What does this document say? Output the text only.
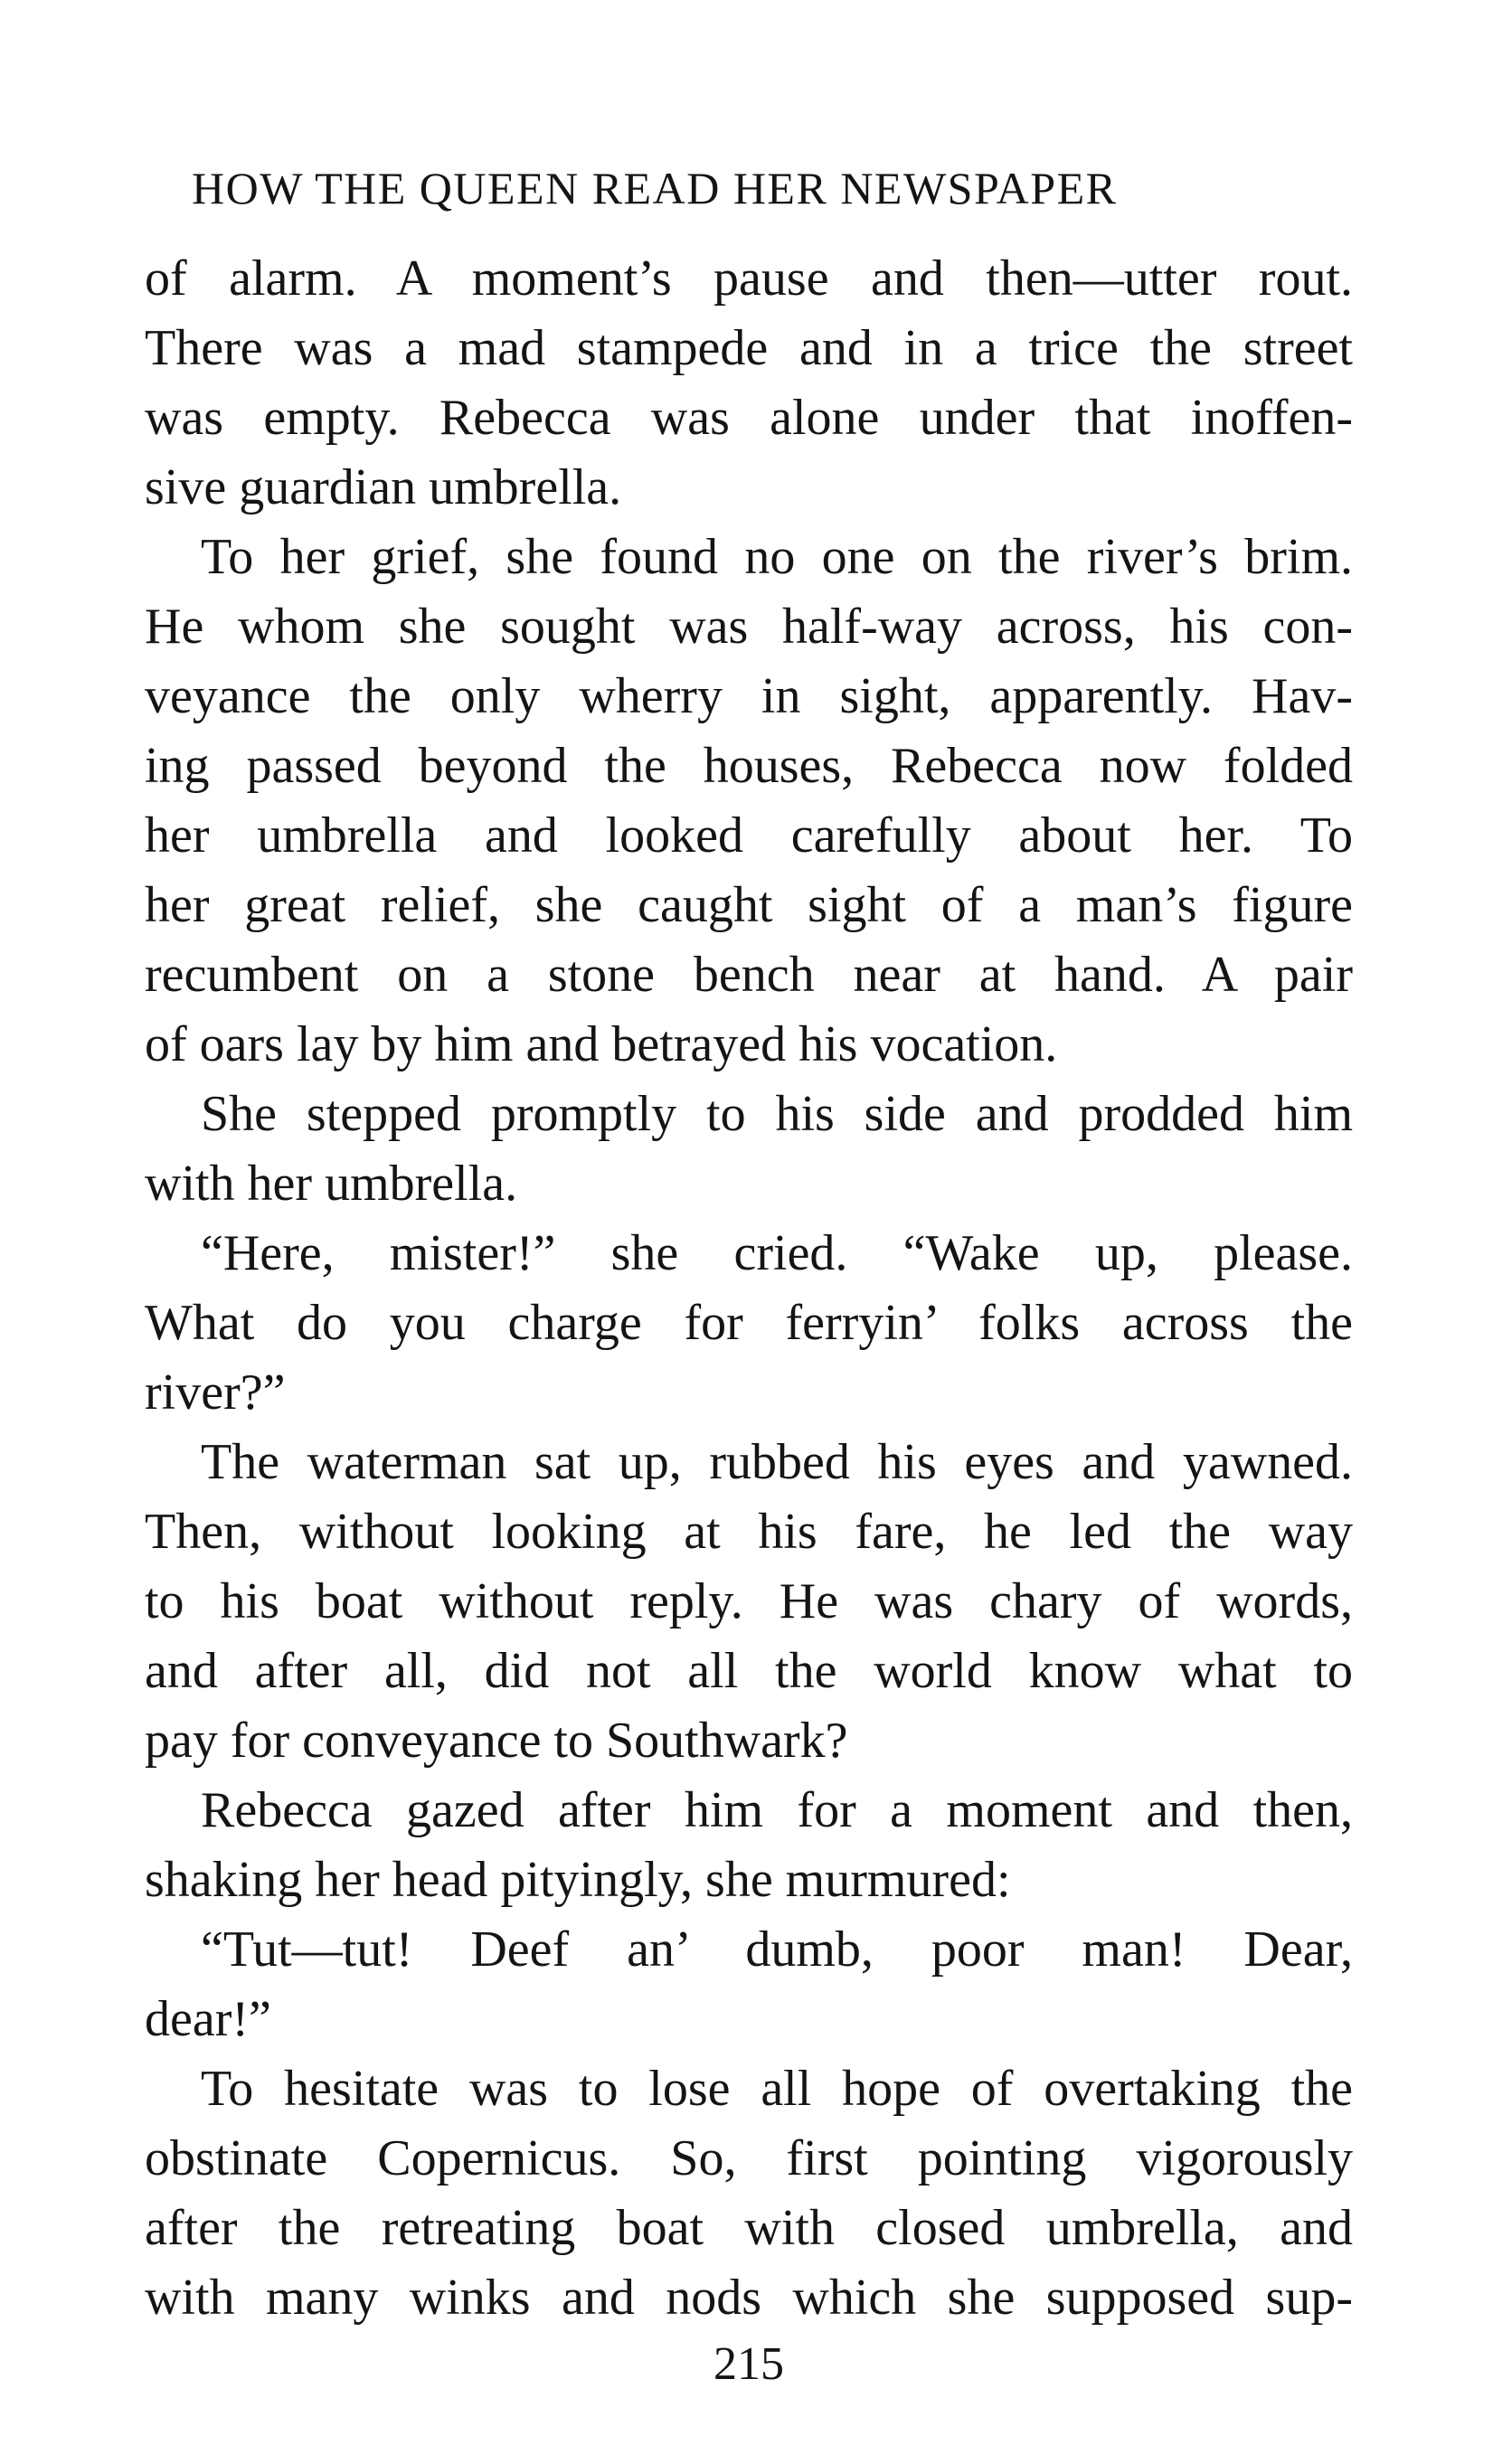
HOW THE QUEEN READ HER NEWSPAPER
of alarm. A moment’s pause and then—utter rout.
There was a mad stampede and in a trice the street
was empty. Rebecca was alone under that inoffen-
sive guardian umbrella.
To her grief, she found no one on the river’s brim.
He whom she sought was half-way across, his con-
veyance the only wherry in sight, apparently. Hav-
ing passed beyond the houses, Rebecca now folded
her umbrella and looked carefully about her. To
her great relief, she caught sight of a man’s figure
recumbent on a stone bench near at hand. A pair
of oars lay by him and betrayed his vocation.
She stepped promptly to his side and prodded him
with her umbrella.
“Here, mister!” she cried. “Wake up, please.
What do you charge for ferryin’ folks across the
river?”
The waterman sat up, rubbed his eyes and yawned.
Then, without looking at his fare, he led the way
to his boat without reply. He was chary of words,
and after all, did not all the world know what to
pay for conveyance to Southwark?
Rebecca gazed after him for a moment and then,
shaking her head pityingly, she murmured:
“Tut—tut! Deef an’ dumb, poor man! Dear,
dear!”
To hesitate was to lose all hope of overtaking the
obstinate Copernicus. So, first pointing vigorously
after the retreating boat with closed umbrella, and
with many winks and nods which she supposed sup-
215
